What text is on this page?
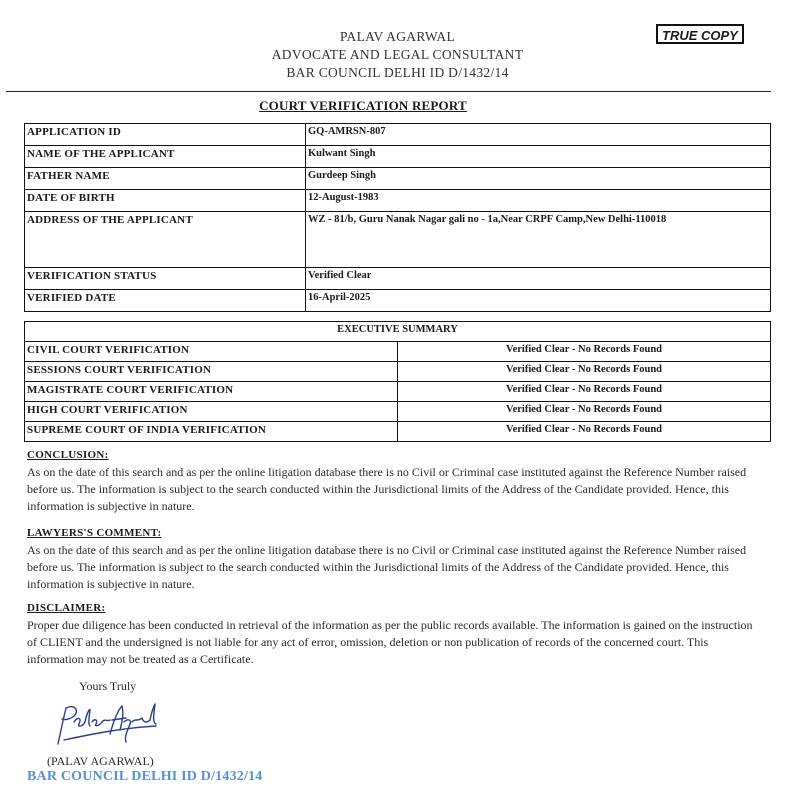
PALAV AGARWAL
ADVOCATE AND LEGAL CONSULTANT
BAR COUNCIL DELHI ID D/1432/14
TRUE COPY
COURT VERIFICATION REPORT
APPLICATION ID	GQ-AMRSN-807
NAME OF THE APPLICANT	Kulwant Singh
FATHER NAME	Gurdeep Singh
DATE OF BIRTH	12-August-1983
ADDRESS OF THE APPLICANT	WZ - 81/b, Guru Nanak Nagar gali no - 1a,Near CRPF Camp,New Delhi-110018
VERIFICATION STATUS	Verified Clear
VERIFIED DATE	16-April-2025
EXECUTIVE SUMMARY	
CIVIL COURT VERIFICATION	Verified Clear - No Records Found
SESSIONS COURT VERIFICATION	Verified Clear - No Records Found
MAGISTRATE COURT VERIFICATION	Verified Clear - No Records Found
HIGH COURT VERIFICATION	Verified Clear - No Records Found
SUPREME COURT OF INDIA VERIFICATION	Verified Clear - No Records Found
CONCLUSION:
As on the date of this search and as per the online litigation database there is no Civil or Criminal case instituted against the Reference Number raised before us. The information is subject to the search conducted within the Jurisdictional limits of the Address of the Candidate provided. Hence, this information is subjective in nature.
LAWYERS'S COMMENT:
As on the date of this search and as per the online litigation database there is no Civil or Criminal case instituted against the Reference Number raised before us. The information is subject to the search conducted within the Jurisdictional limits of the Address of the Candidate provided. Hence, this information is subjective in nature.
DISCLAIMER:
Proper due diligence has been conducted in retrieval of the information as per the public records available. The information is gained on the instruction of CLIENT and the undersigned is not liable for any act of error, omission, deletion or non publication of records of the concerned court. This information may not be treated as a Certificate.
Yours Truly
(PALAV AGARWAL)
BAR COUNCIL DELHI ID D/1432/14
